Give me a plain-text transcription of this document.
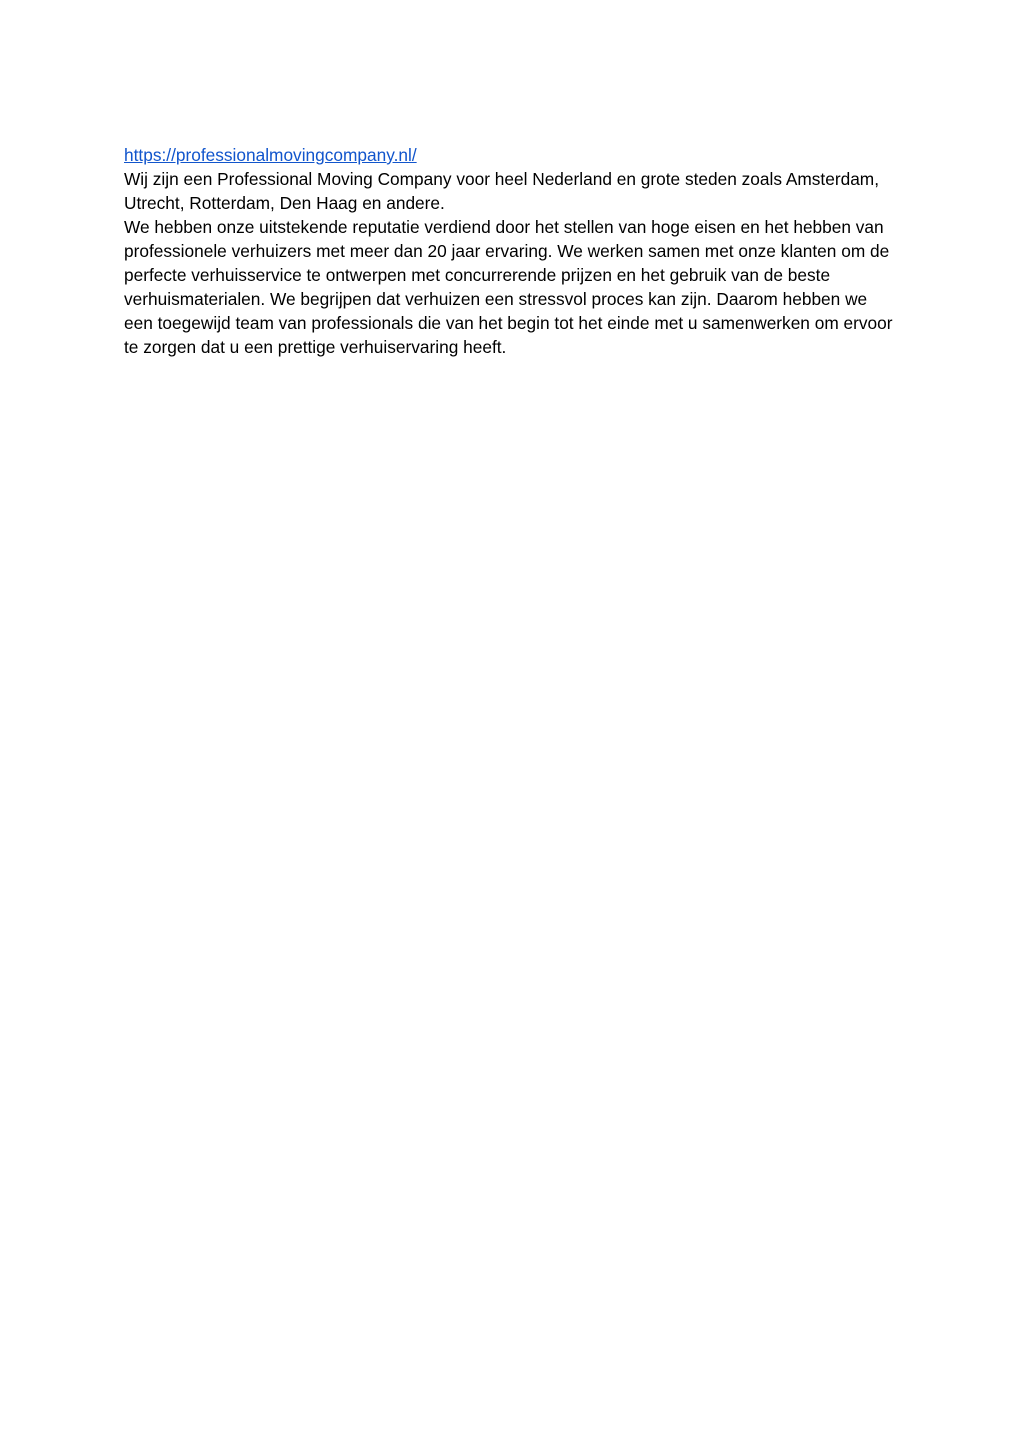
https://professionalmovingcompany.nl/

Wij zijn een Professional Moving Company voor heel Nederland en grote steden zoals Amsterdam, Utrecht, Rotterdam, Den Haag en andere.

We hebben onze uitstekende reputatie verdiend door het stellen van hoge eisen en het hebben van professionele verhuizers met meer dan 20 jaar ervaring. We werken samen met onze klanten om de perfecte verhuisservice te ontwerpen met concurrerende prijzen en het gebruik van de beste verhuismaterialen. We begrijpen dat verhuizen een stressvol proces kan zijn. Daarom hebben we een toegewijd team van professionals die van het begin tot het einde met u samenwerken om ervoor te zorgen dat u een prettige verhuiservaring heeft.
